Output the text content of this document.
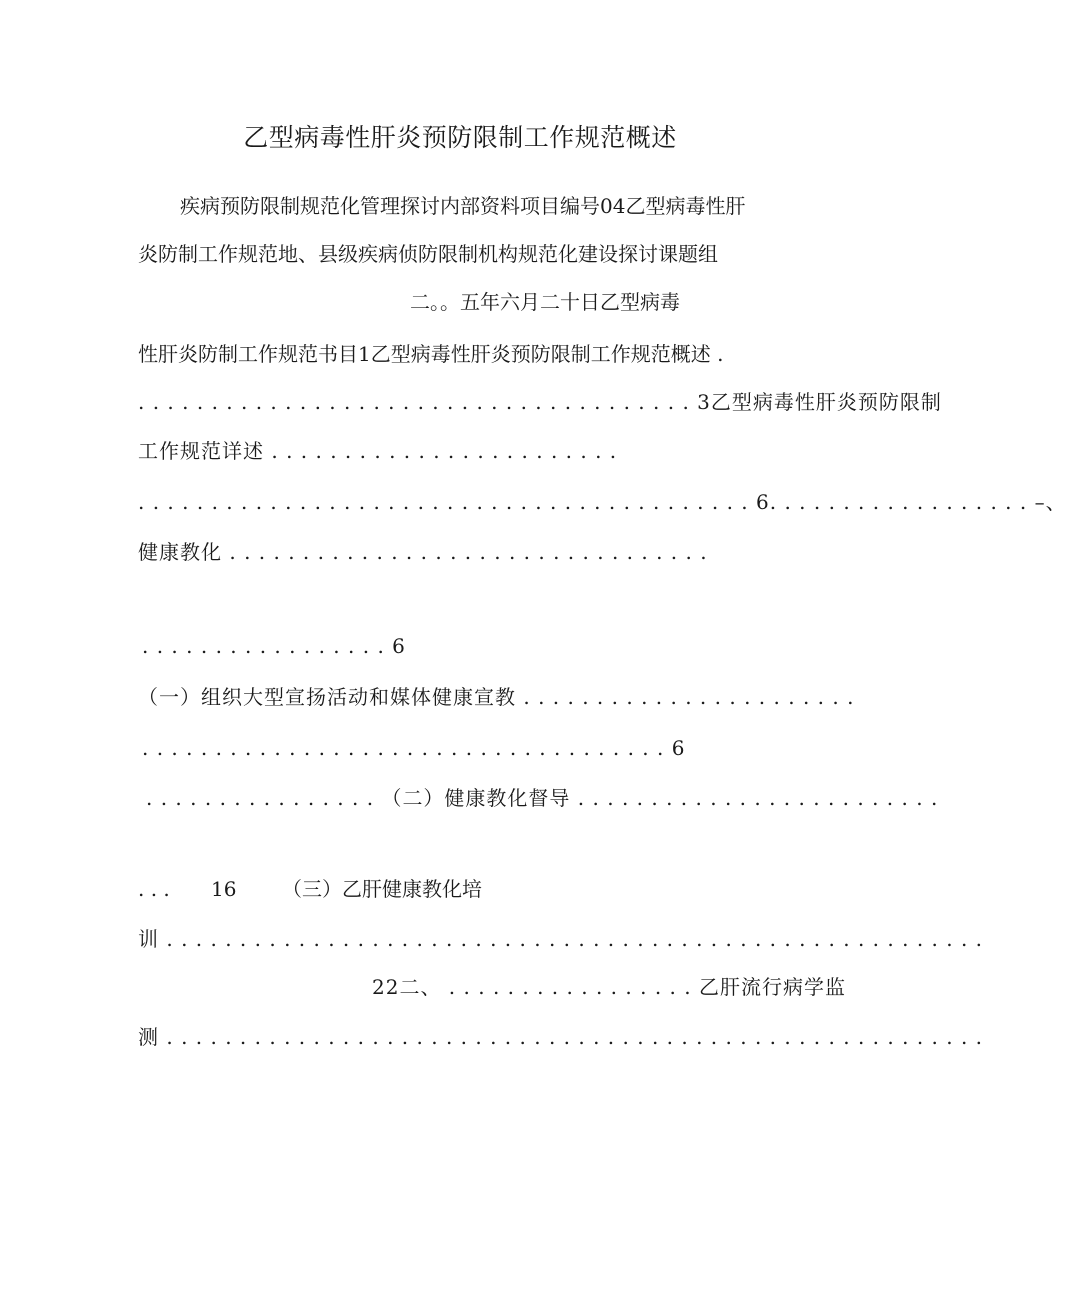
乙型病毒性肝炎预防限制工作规范概述
疾病预防限制规范化管理探讨内部资料项目编号04乙型病毒性肝
炎防制工作规范地、县级疾病侦防限制机构规范化建设探讨课题组
二。。五年六月二十日乙型病毒
性肝炎防制工作规范书目1乙型病毒性肝炎预防限制工作规范概述 .
. . . . . . . . . . . . . . . . . . . . . . . . . . . . . . . . . . . . . . 3乙型病毒性肝炎预防限制
工作规范详述 . . . . . . . . . . . . . . . . . . . . . . . .
. . . . . . . . . . . . . . . . . . . . . . . . . . . . . . . . . . . . . . . . . . 6. . . . . . . . . . . . . . . . . . –、
健康教化 . . . . . . . . . . . . . . . . . . . . . . . . . . . . . . . . .
. . . . . . . . . . . . . . . . . 6
（一）组织大型宣扬活动和媒体健康宣教 . . . . . . . . . . . . . . . . . . . . . . .
. . . . . . . . . . . . . . . . . . . . . . . . . . . . . . . . . . . . 6
. . . . . . . . . . . . . . . . （二）健康教化督导 . . . . . . . . . . . . . . . . . . . . . . . . .
. . . 16 （三）乙肝健康教化培
训 . . . . . . . . . . . . . . . . . . . . . . . . . . . . . . . . . . . . . . . . . . . . . . . . . . . . . . . .
22二、 . . . . . . . . . . . . . . . . . 乙肝流行病学监
测 . . . . . . . . . . . . . . . . . . . . . . . . . . . . . . . . . . . . . . . . . . . . . . . . . . . . . . . .
